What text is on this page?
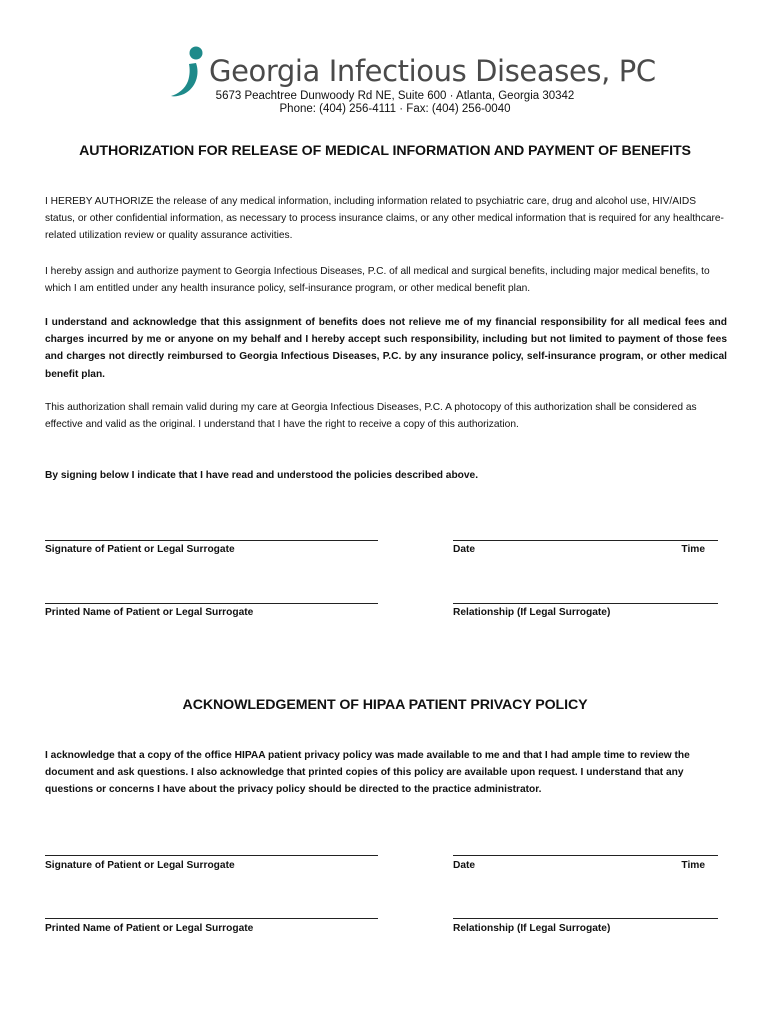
Georgia Infectious Diseases, PC
5673 Peachtree Dunwoody Rd NE, Suite 600 · Atlanta, Georgia 30342
Phone: (404) 256-4111 · Fax: (404) 256-0040
AUTHORIZATION FOR RELEASE OF MEDICAL INFORMATION AND PAYMENT OF BENEFITS

I HEREBY AUTHORIZE the release of any medical information, including information related to psychiatric care, drug and alcohol use, HIV/AIDS status, or other confidential information, as necessary to process insurance claims, or any other medical information that is required for any healthcare-related utilization review or quality assurance activities.

I hereby assign and authorize payment to Georgia Infectious Diseases, P.C. of all medical and surgical benefits, including major medical benefits, to which I am entitled under any health insurance policy, self-insurance program, or other medical benefit plan.

I understand and acknowledge that this assignment of benefits does not relieve me of my financial responsibility for all medical fees and charges incurred by me or anyone on my behalf and I hereby accept such responsibility, including but not limited to payment of those fees and charges not directly reimbursed to Georgia Infectious Diseases, P.C. by any insurance policy, self-insurance program, or other medical benefit plan.

This authorization shall remain valid during my care at Georgia Infectious Diseases, P.C. A photocopy of this authorization shall be considered as effective and valid as the original. I understand that I have the right to receive a copy of this authorization.

By signing below I indicate that I have read and understood the policies described above.

Signature of Patient or Legal Surrogate	Date	Time
Printed Name of Patient or Legal Surrogate	Relationship (If Legal Surrogate)
ACKNOWLEDGEMENT OF HIPAA PATIENT PRIVACY POLICY

I acknowledge that a copy of the office HIPAA patient privacy policy was made available to me and that I had ample time to review the document and ask questions. I also acknowledge that printed copies of this policy are available upon request. I understand that any questions or concerns I have about the privacy policy should be directed to the practice administrator.

Signature of Patient or Legal Surrogate	Date	Time
Printed Name of Patient or Legal Surrogate	Relationship (If Legal Surrogate)
